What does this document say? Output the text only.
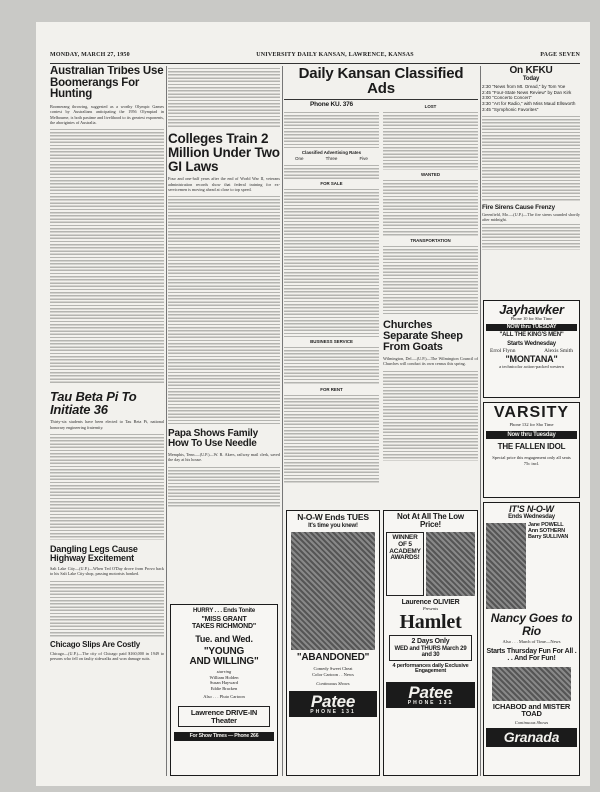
MONDAY, MARCH 27, 1950	UNIVERSITY DAILY KANSAN, LAWRENCE, KANSAS	PAGE SEVEN
Australian Tribes Use Boomerangs For Hunting
Boomerang throwing, suggested as a worthy Olympic Games contest by Australians anticipating the 1956 Olympiad in Melbourne, is both pastime and livelihood to its greatest exponents, the aboriginies of Australia.
Tau Beta Pi To Initiate 36
Thirty-six students have been elected to Tau Beta Pi, national honorary engineering fraternity.
Dangling Legs Cause Highway Excitement
Salt Lake City—(U.P.)—When Ted O'Day drove from Provo back to his Salt Lake City shop, passing motorists honked.
Chicago Slips Are Costly
Chicago—(U.P.)—The city of Chicago paid $160,000 in 1949 to persons who fell on faulty sidewalks and won damage suits.
Colleges Train 2 Million Under Two GI Laws
Four and one-half years after the end of World War II, veterans administration records show that federal training for ex-servicemen is moving ahead at close to top speed.
Papa Shows Family How To Use Needle
Memphis, Tenn.—(U.P.)—W. R. Akers, railway mail clerk, saved the day at his house.
HURRY . . . Ends Tonite
"MISS GRANT
TAKES RICHMOND"
Tue. and Wed.
"YOUNG
AND WILLING"
starring
William Holden
Susan Hayward
Eddie Bracken
Also . . . Pluto Cartoon
Lawrence DRIVE-IN Theater
For Show Times — Phone 266
Daily Kansan Classified Ads
Phone KU. 376
Classified Advertising Rates
One	Three	Five
FOR SALE
BUSINESS SERVICE
FOR RENT
LOST
WANTED
TRANSPORTATION
Churches Separate Sheep From Goats
Wilmington, Del.—(U.P.)—The Wilmington Council of Churches will conduct its own census this spring.
N-O-W Ends TUES
It's time you knew!
"ABANDONED"
Comedy Sweet Cheat
Color Cartoon . . News
Continuous Shows
Patee
PHONE 131
Not At All The Low Price!
WINNER OF 5 ACADEMY AWARDS!
Laurence OLIVIER
Presents
Hamlet
2 Days Only
WED and THURS March 29 and 30
4 performances daily Exclusive Engagement
Patee
PHONE 131
On KFKU
Today
2:30 "News from Mt. Oread," by Tom Yoe
2:45 "Four-State News Review" by Dan Kirk
3:00 "Concerto Concert"
3:30 "Art for Radio," with Miss Maud Ellsworth
3:45 "Symphonic Favorites"
Fire Sirens Cause Frenzy
Greenfield, Mo.—(U.P.)—The fire sirens sounded shortly after midnight.
Jayhawker
Phone 10 for Sho Time
NOW thru TUESDAY
"ALL THE KING'S MEN"
Starts Wednesday
Errol Flynn	Alexis Smith
"MONTANA"
a technicolor action-packed western
VARSITY
Phone 132 for Sho Time
Now thru Tuesday
THE FALLEN IDOL
Special price this engagement only all seats 75c incl.
IT'S N-O-W
Ends Wednesday
Jane POWELL
Ann SOTHERN
Barry SULLIVAN
Nancy Goes to Rio
Also . . . March of Time—News
Starts Thursday Fun For All . . . And For Fun!
ICHABOD and MISTER TOAD
Continuous Shows
Granada
